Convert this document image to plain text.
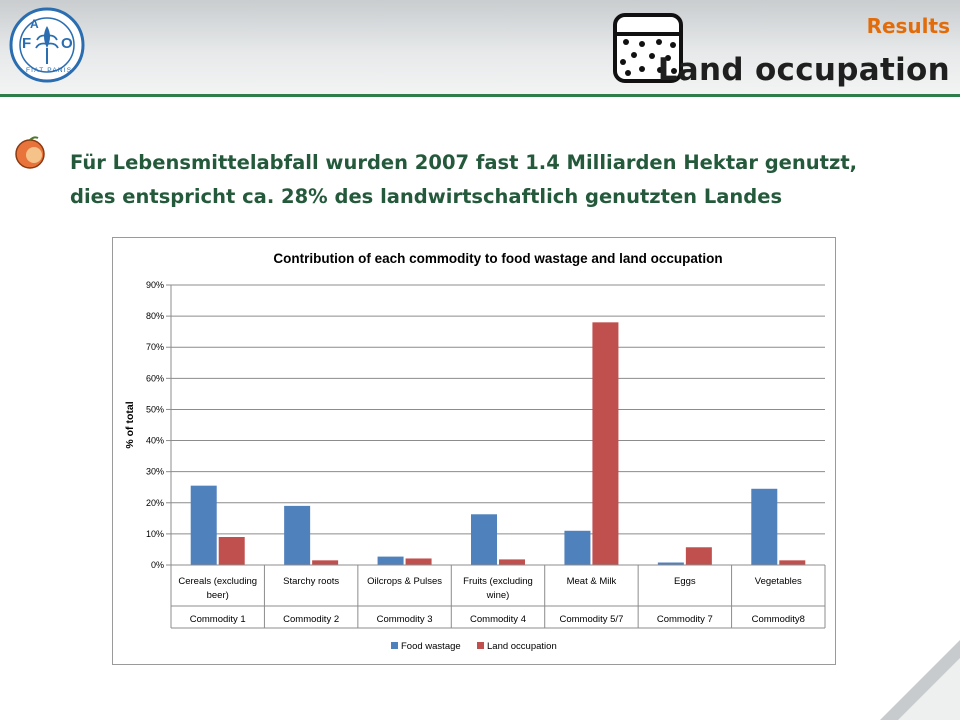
F O
A
FIAT PANIS
Results
Land occupation
Für Lebensmittelabfall wurden 2007 fast 1.4 Milliarden Hektar genutzt,
dies entspricht ca. 28% des landwirtschaftlich genutzten Landes
Contribution of each commodity to food wastage and land occupation
0%
10%
20%
30%
40%
50%
60%
70%
80%
90%
% of total
Cereals (excluding
beer)
Commodity 1
Starchy roots
Commodity 2
Oilcrops & Pulses
Commodity 3
Fruits (excluding
wine)
Commodity 4
Meat & Milk
Commodity 5/7
Eggs
Commodity 7
Vegetables
Commodity8
Food wastage	Land occupation
